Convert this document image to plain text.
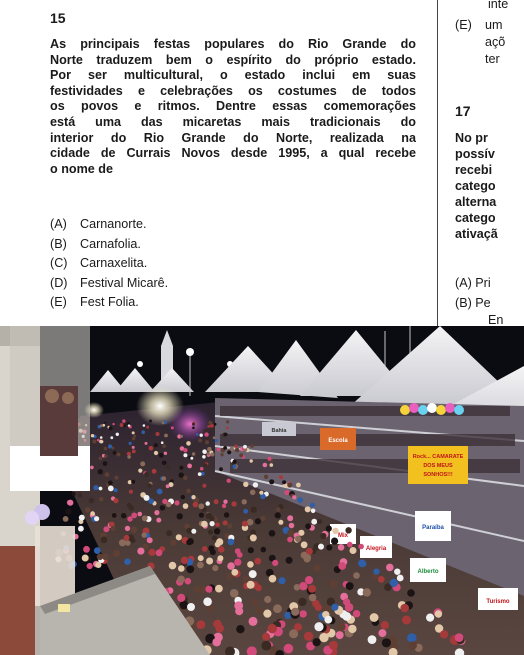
15
As principais festas populares do Rio Grande do
Norte traduzem bem o espírito do próprio estado.
Por ser multicultural, o estado inclui em suas
festividades e celebrações os costumes de todos
os povos e ritmos. Dentre essas comemorações
está uma das micaretas mais tradicionais do
interior do Rio Grande do Norte, realizada na
cidade de Currais Novos desde 1995, a qual recebe
o nome de
(A) Carnanorte.
(B) Carnafolia.
(C) Carnaxelita.
(D) Festival Micarê.
(E) Fest Folia.
inte
(E) um
açõ
ter
17
No pr
possív
recebi
catego
alterna
catego
ativaçã
(A) Pri
(B) Pe
En
Escola
Rock... CAMARATE
DOS MEUS
SONHOS!!!
Paraíba
Alegria
Mix
Alberto
Bahia
Turismo
